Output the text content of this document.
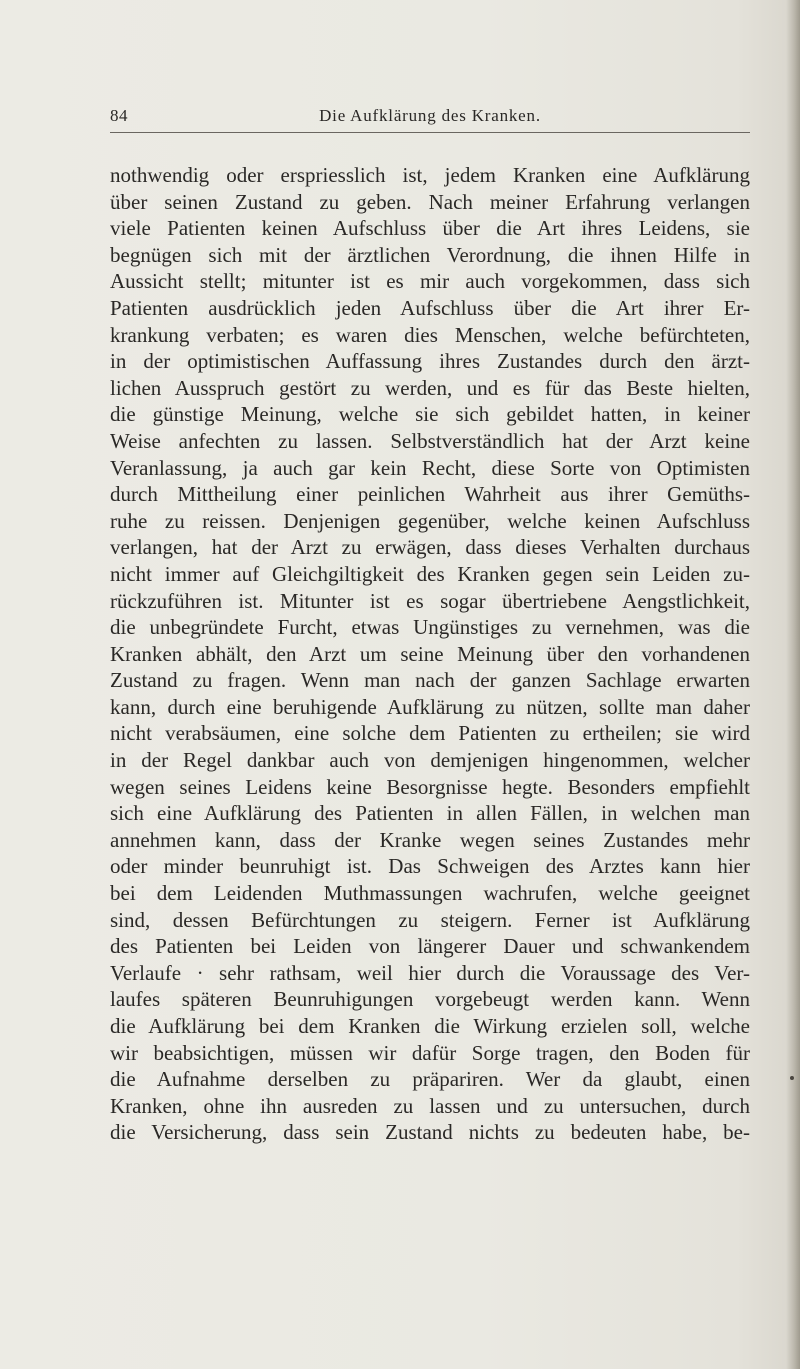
84	Die Aufklärung des Kranken.
nothwendig oder erspriesslich ist, jedem Kranken eine Aufklärung
über seinen Zustand zu geben. Nach meiner Erfahrung verlangen
viele Patienten keinen Aufschluss über die Art ihres Leidens, sie
begnügen sich mit der ärztlichen Verordnung, die ihnen Hilfe in
Aussicht stellt; mitunter ist es mir auch vorgekommen, dass sich
Patienten ausdrücklich jeden Aufschluss über die Art ihrer Er-
krankung verbaten; es waren dies Menschen, welche befürchteten,
in der optimistischen Auffassung ihres Zustandes durch den ärzt-
lichen Ausspruch gestört zu werden, und es für das Beste hielten,
die günstige Meinung, welche sie sich gebildet hatten, in keiner
Weise anfechten zu lassen. Selbstverständlich hat der Arzt keine
Veranlassung, ja auch gar kein Recht, diese Sorte von Optimisten
durch Mittheilung einer peinlichen Wahrheit aus ihrer Gemüths-
ruhe zu reissen. Denjenigen gegenüber, welche keinen Aufschluss
verlangen, hat der Arzt zu erwägen, dass dieses Verhalten durchaus
nicht immer auf Gleichgiltigkeit des Kranken gegen sein Leiden zu-
rückzuführen ist. Mitunter ist es sogar übertriebene Aengstlichkeit,
die unbegründete Furcht, etwas Ungünstiges zu vernehmen, was die
Kranken abhält, den Arzt um seine Meinung über den vorhandenen
Zustand zu fragen. Wenn man nach der ganzen Sachlage erwarten
kann, durch eine beruhigende Aufklärung zu nützen, sollte man daher
nicht verabsäumen, eine solche dem Patienten zu ertheilen; sie wird
in der Regel dankbar auch von demjenigen hingenommen, welcher
wegen seines Leidens keine Besorgnisse hegte. Besonders empfiehlt
sich eine Aufklärung des Patienten in allen Fällen, in welchen man
annehmen kann, dass der Kranke wegen seines Zustandes mehr
oder minder beunruhigt ist. Das Schweigen des Arztes kann hier
bei dem Leidenden Muthmassungen wachrufen, welche geeignet
sind, dessen Befürchtungen zu steigern. Ferner ist Aufklärung
des Patienten bei Leiden von längerer Dauer und schwankendem
Verlaufe · sehr rathsam, weil hier durch die Voraussage des Ver-
laufes späteren Beunruhigungen vorgebeugt werden kann. Wenn
die Aufklärung bei dem Kranken die Wirkung erzielen soll, welche
wir beabsichtigen, müssen wir dafür Sorge tragen, den Boden für
die Aufnahme derselben zu präpariren. Wer da glaubt, einen
Kranken, ohne ihn ausreden zu lassen und zu untersuchen, durch
die Versicherung, dass sein Zustand nichts zu bedeuten habe, be-
